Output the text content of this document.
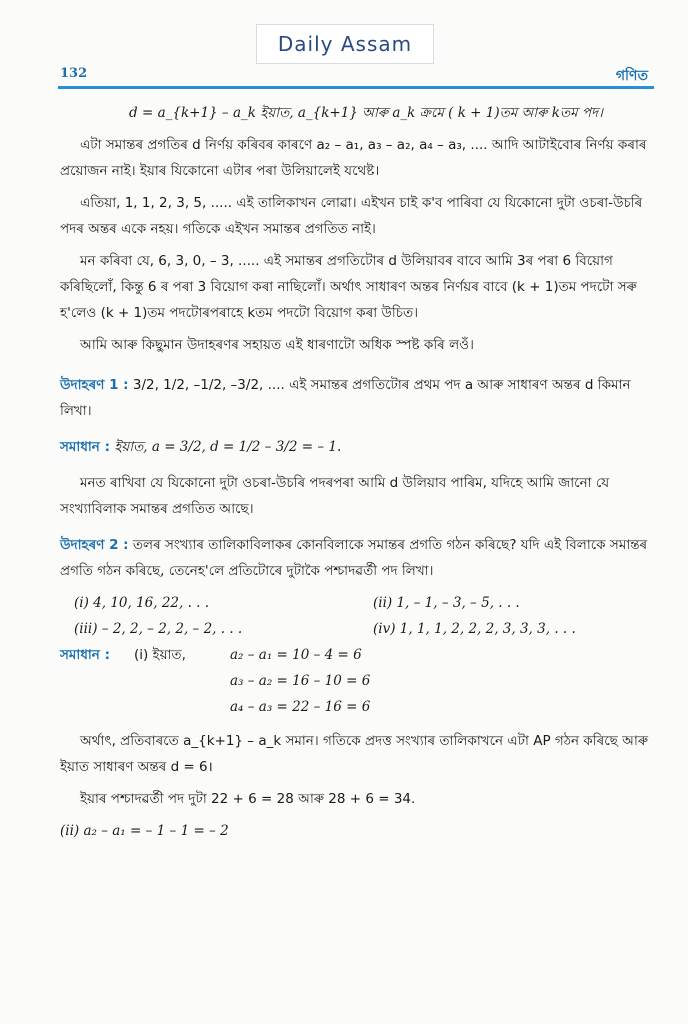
Daily Assam
132	গণিত

d = a_{k+1} – a_k ইয়াত, a_{k+1} আৰু a_k ক্ৰমে ( k + 1)তম আৰু kতম পদ।

এটা সমান্তৰ প্ৰগতিৰ d নিৰ্ণয় কৰিবৰ কাৰণে a₂ – a₁, a₃ – a₂, a₄ – a₃, .... আদি আটাইবোৰ নিৰ্ণয় কৰাৰ প্ৰয়োজন নাই। ইয়াৰ যিকোনো এটাৰ পৰা উলিয়ালেই যথেষ্ট।

এতিয়া, 1, 1, 2, 3, 5, ..... এই তালিকাখন লোৱা। এইখন চাই ক'ব পাৰিবা যে যিকোনো দুটা ওচৰা-উচৰি পদৰ অন্তৰ একে নহয়। গতিকে এইখন সমান্তৰ প্ৰগতিত নাই।

মন কৰিবা যে, 6, 3, 0, – 3, ..... এই সমান্তৰ প্ৰগতিটোৰ d উলিয়াবৰ বাবে আমি 3ৰ পৰা 6 বিয়োগ কৰিছিলোঁ, কিন্তু 6 ৰ পৰা 3 বিয়োগ কৰা নাছিলোঁ। অৰ্থাৎ সাধাৰণ অন্তৰ নিৰ্ণয়ৰ বাবে (k + 1)তম পদটো সৰু হ'লেও (k + 1)তম পদটোৰপৰাহে kতম পদটো বিয়োগ কৰা উচিত।

আমি আৰু কিছুমান উদাহৰণৰ সহায়ত এই ধাৰণাটো অধিক স্পষ্ট কৰি লওঁ।

উদাহৰণ 1 : 3/2, 1/2, –1/2, –3/2, .... এই সমান্তৰ প্ৰগতিটোৰ প্ৰথম পদ a আৰু সাধাৰণ অন্তৰ d কিমান লিখা।

সমাধান : ইয়াত, a = 3/2, d = 1/2 – 3/2 = – 1.

মনত ৰাখিবা যে যিকোনো দুটা ওচৰা-উচৰি পদৰপৰা আমি d উলিয়াব পাৰিম, যদিহে আমি জানো যে সংখ্যাবিলাক সমান্তৰ প্ৰগতিত আছে।

উদাহৰণ 2 : তলৰ সংখ্যাৰ তালিকাবিলাকৰ কোনবিলাকে সমান্তৰ প্ৰগতি গঠন কৰিছে? যদি এই বিলাকে সমান্তৰ প্ৰগতি গঠন কৰিছে, তেনেহ'লে প্ৰতিটোৰে দুটাকৈ পশ্চাদৱৰ্তী পদ লিখা।

(i) 4, 10, 16, 22, . . .	(ii) 1, – 1, – 3, – 5, . . .
(iii) – 2, 2, – 2, 2, – 2, . . .	(iv) 1, 1, 1, 2, 2, 2, 3, 3, 3, . . .
সমাধান : (i) ইয়াত,	a₂ – a₁ = 10 – 4 = 6
a₃ – a₂ = 16 – 10 = 6
a₄ – a₃ = 22 – 16 = 6

অৰ্থাৎ, প্ৰতিবাৰতে a_{k+1} – a_k সমান। গতিকে প্ৰদত্ত সংখ্যাৰ তালিকাখনে এটা AP গঠন কৰিছে আৰু ইয়াত সাধাৰণ অন্তৰ d = 6।

ইয়াৰ পশ্চাদৱৰ্তী পদ দুটা 22 + 6 = 28 আৰু 28 + 6 = 34.

(ii) a₂ – a₁ = – 1 – 1 = – 2
